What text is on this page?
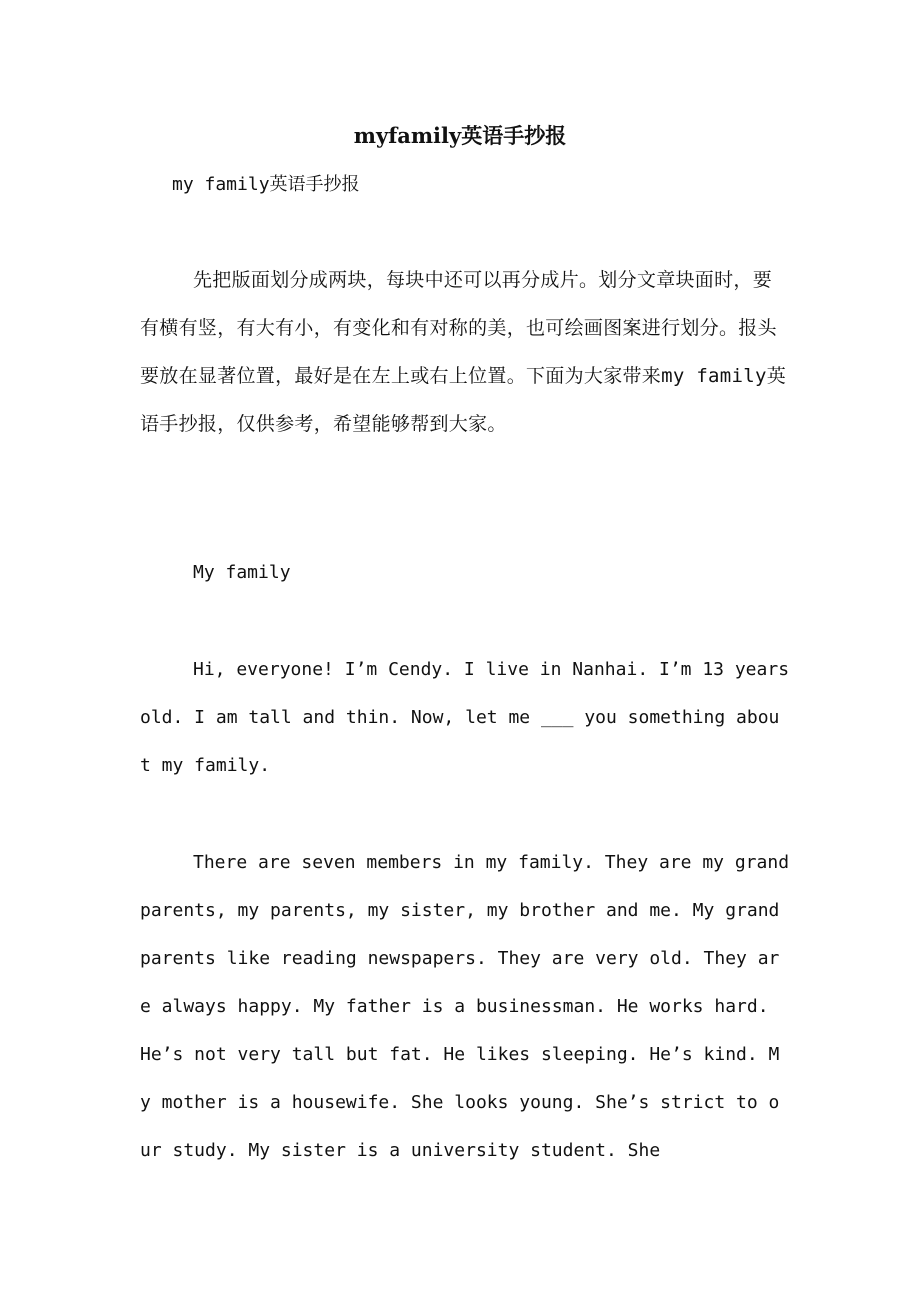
myfamily英语手抄报
my family英语手抄报

先把版面划分成两块，每块中还可以再分成片。划分文章块面时，要有横有竖，有大有小，有变化和有对称的美，也可绘画图案进行划分。报头要放在显著位置，最好是在左上或右上位置。下面为大家带来my family英语手抄报，仅供参考，希望能够帮到大家。

My family

Hi, everyone! I’m Cendy. I live in Nanhai. I’m 13 years old. I am tall and thin. Now, let me ___ you something about my family.

There are seven members in my family. They are my grandparents, my parents, my sister, my brother and me. My grandparents like reading newspapers. They are very old. They are always happy. My father is a businessman. He works hard. He’s not very tall but fat. He likes sleeping. He’s kind. My mother is a housewife. She looks young. She’s strict to our study. My sister is a university student. She
